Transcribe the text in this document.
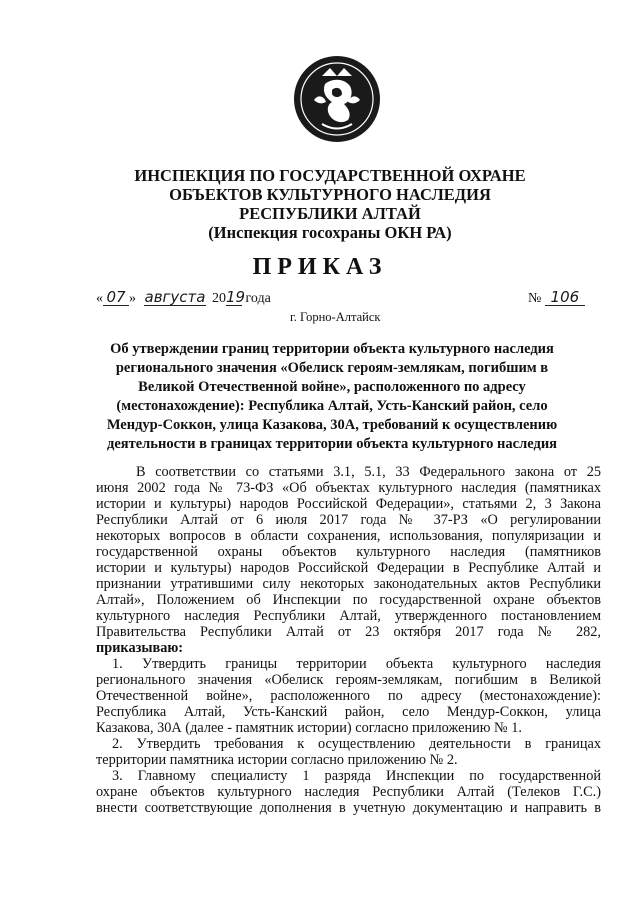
ИНСПЕКЦИЯ ПО ГОСУДАРСТВЕННОЙ ОХРАНЕ
ОБЪЕКТОВ КУЛЬТУРНОГО НАСЛЕДИЯ
РЕСПУБЛИКИ АЛТАЙ
(Инспекция госохраны ОКН РА)
ПРИКАЗ
« 07 » августа 2019 года	№ 106
г. Горно-Алтайск
Об утверждении границ территории объекта культурного наследия
регионального значения «Обелиск героям-землякам, погибшим в
Великой Отечественной войне», расположенного по адресу
(местонахождение): Республика Алтай, Усть-Канский район, село
Мендур-Соккон, улица Казакова, 30А, требований к осуществлению
деятельности в границах территории объекта культурного наследия
В соответствии со статьями 3.1, 5.1, 33 Федерального закона от 25
июня 2002 года № 73-ФЗ «Об объектах культурного наследия (памятниках
истории и культуры) народов Российской Федерации», статьями 2, 3 Закона
Республики Алтай от 6 июля 2017 года № 37-РЗ «О регулировании
некоторых вопросов в области сохранения, использования, популяризации и
государственной охраны объектов культурного наследия (памятников
истории и культуры) народов Российской Федерации в Республике Алтай и
признании утратившими силу некоторых законодательных актов Республики
Алтай», Положением об Инспекции по государственной охране объектов
культурного наследия Республики Алтай, утвержденного постановлением
Правительства Республики Алтай от 23 октября 2017 года № 282,
приказываю:
1. Утвердить границы территории объекта культурного наследия
регионального значения «Обелиск героям-землякам, погибшим в Великой
Отечественной войне», расположенного по адресу (местонахождение):
Республика Алтай, Усть-Канский район, село Мендур-Соккон, улица
Казакова, 30А (далее - памятник истории) согласно приложению № 1.
2. Утвердить требования к осуществлению деятельности в границах
территории памятника истории согласно приложению № 2.
3. Главному специалисту 1 разряда Инспекции по государственной
охране объектов культурного наследия Республики Алтай (Телеков Г.С.)
внести соответствующие дополнения в учетную документацию и направить в
